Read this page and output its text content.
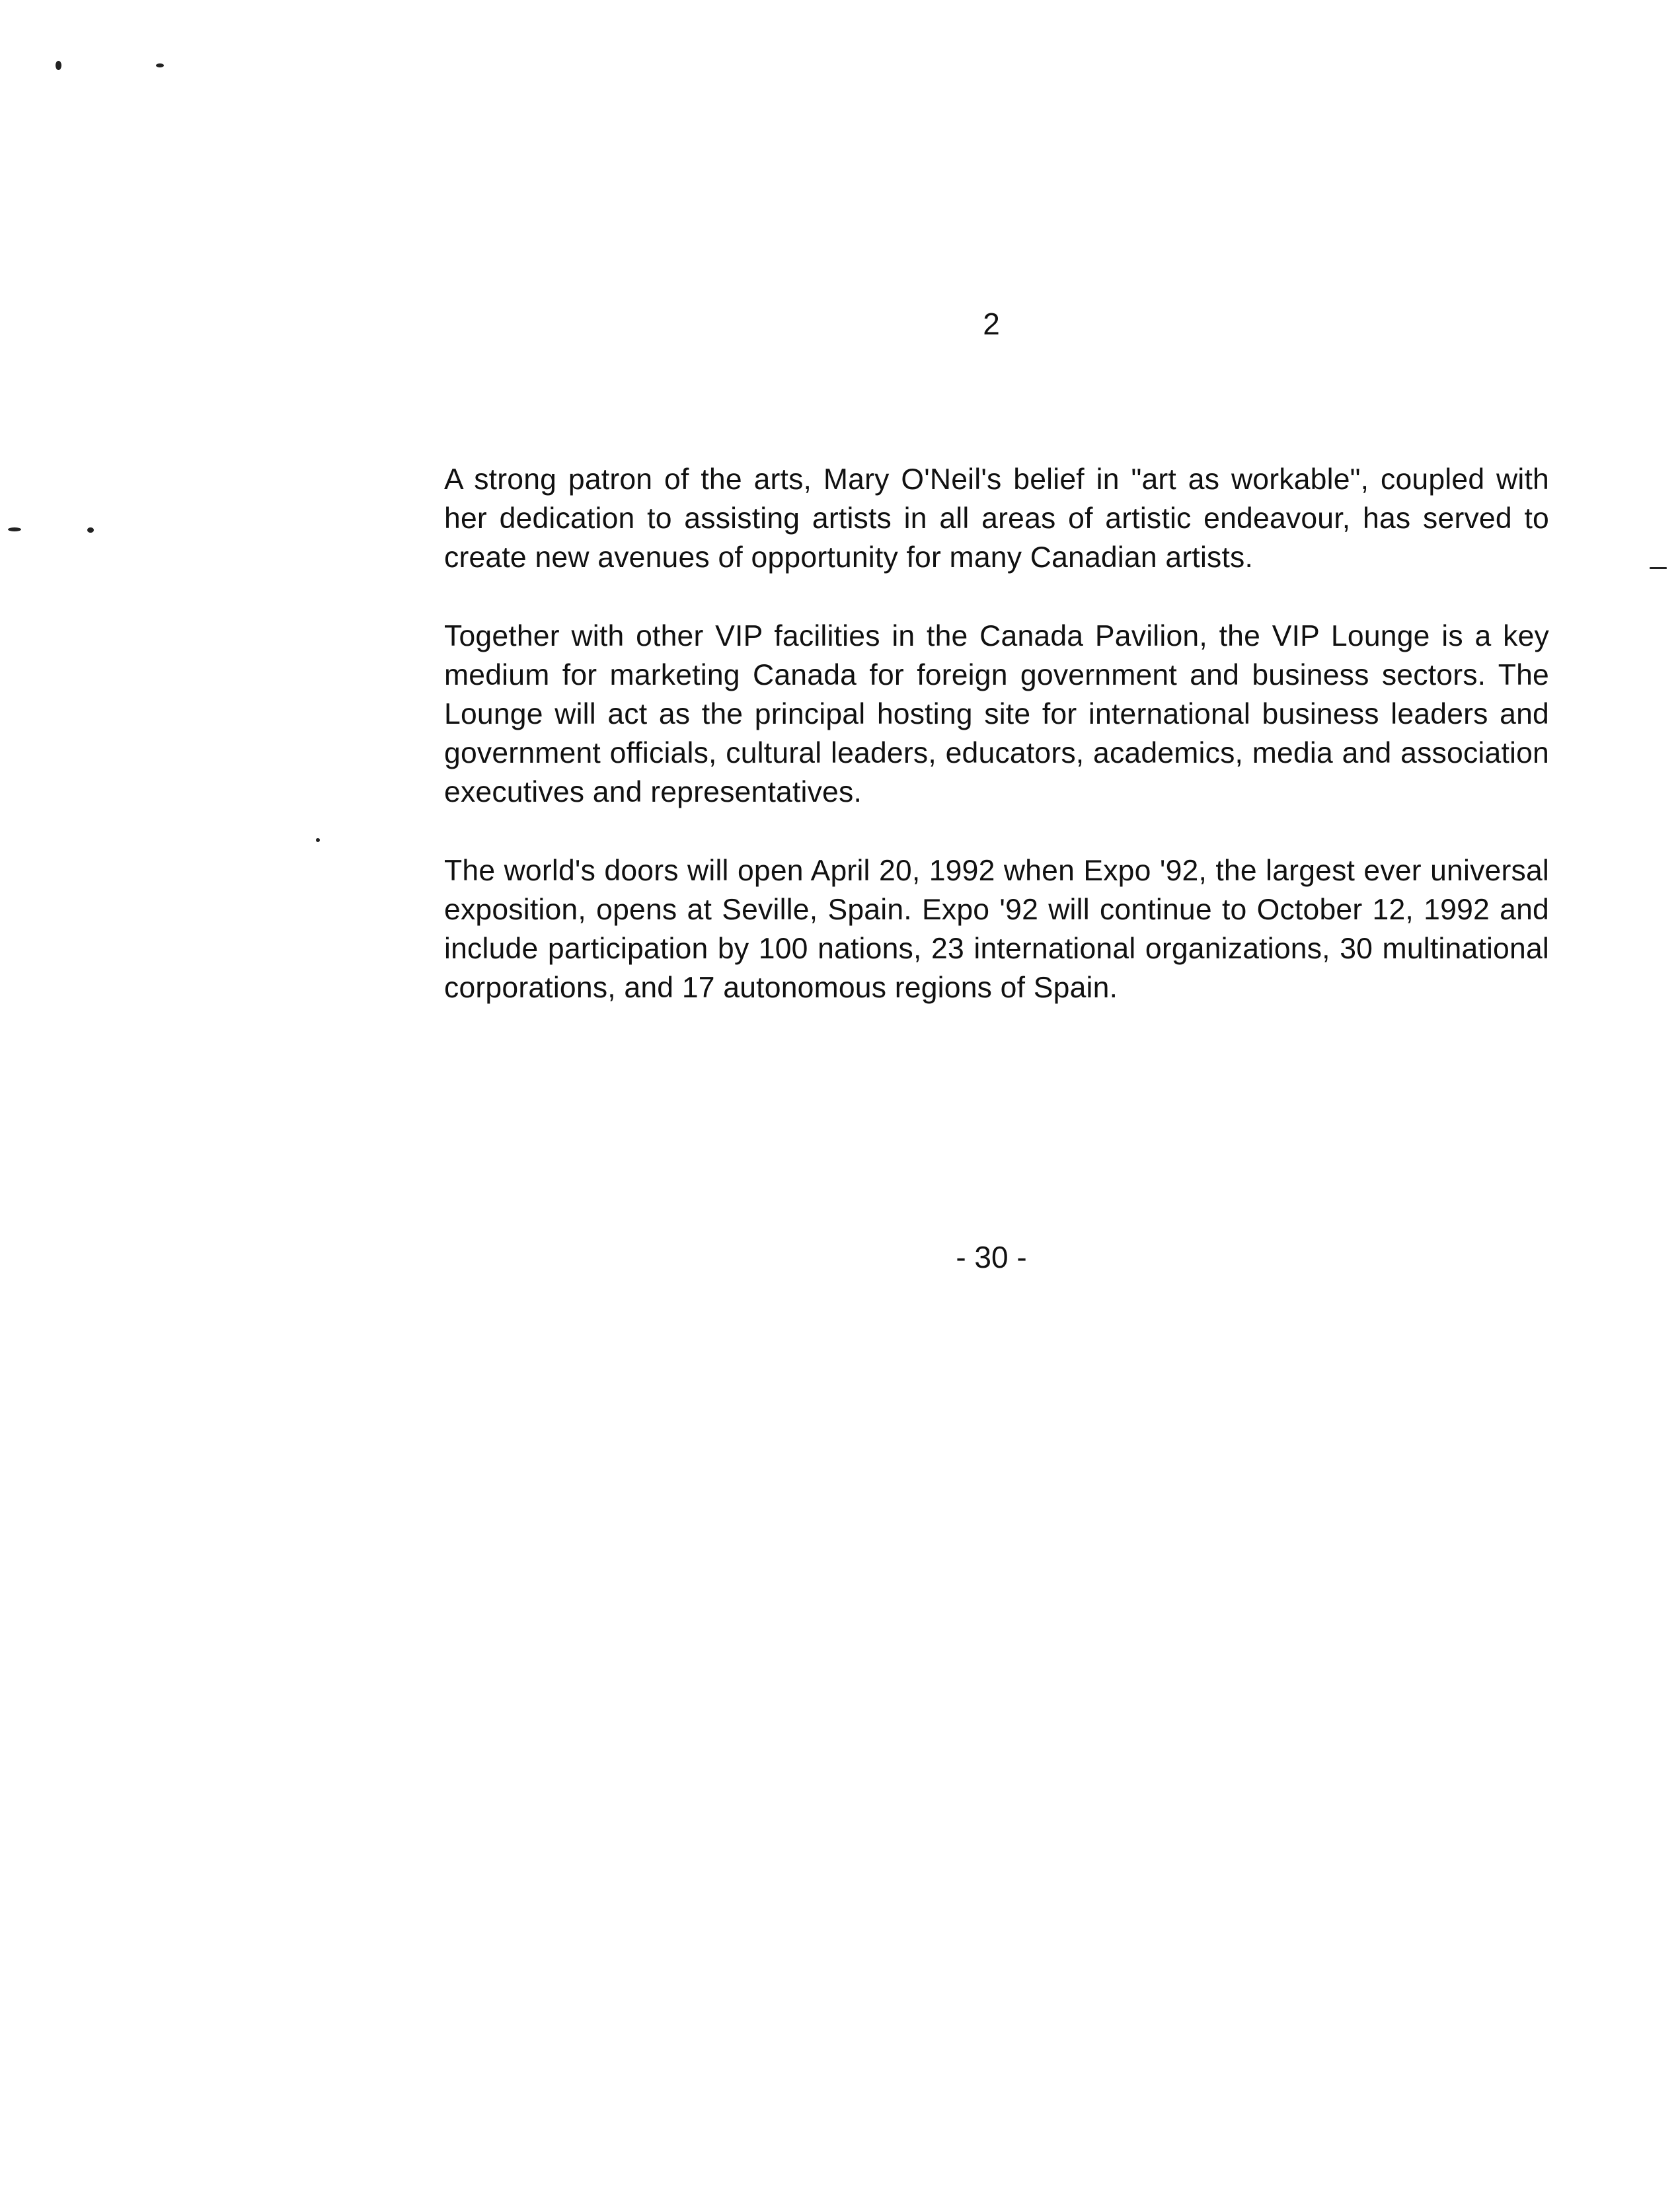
2

A strong patron of the arts, Mary O'Neil's belief in "art as workable", coupled with her dedication to assisting artists in all areas of artistic endeavour, has served to create new avenues of opportunity for many Canadian artists.

Together with other VIP facilities in the Canada Pavilion, the VIP Lounge is a key medium for marketing Canada for foreign government and business sectors. The Lounge will act as the principal hosting site for international business leaders and government officials, cultural leaders, educators, academics, media and association executives and representatives.

The world's doors will open April 20, 1992 when Expo '92, the largest ever universal exposition, opens at Seville, Spain. Expo '92 will continue to October 12, 1992 and include participation by 100 nations, 23 international organizations, 30 multinational corporations, and 17 autonomous regions of Spain.

- 30 -
